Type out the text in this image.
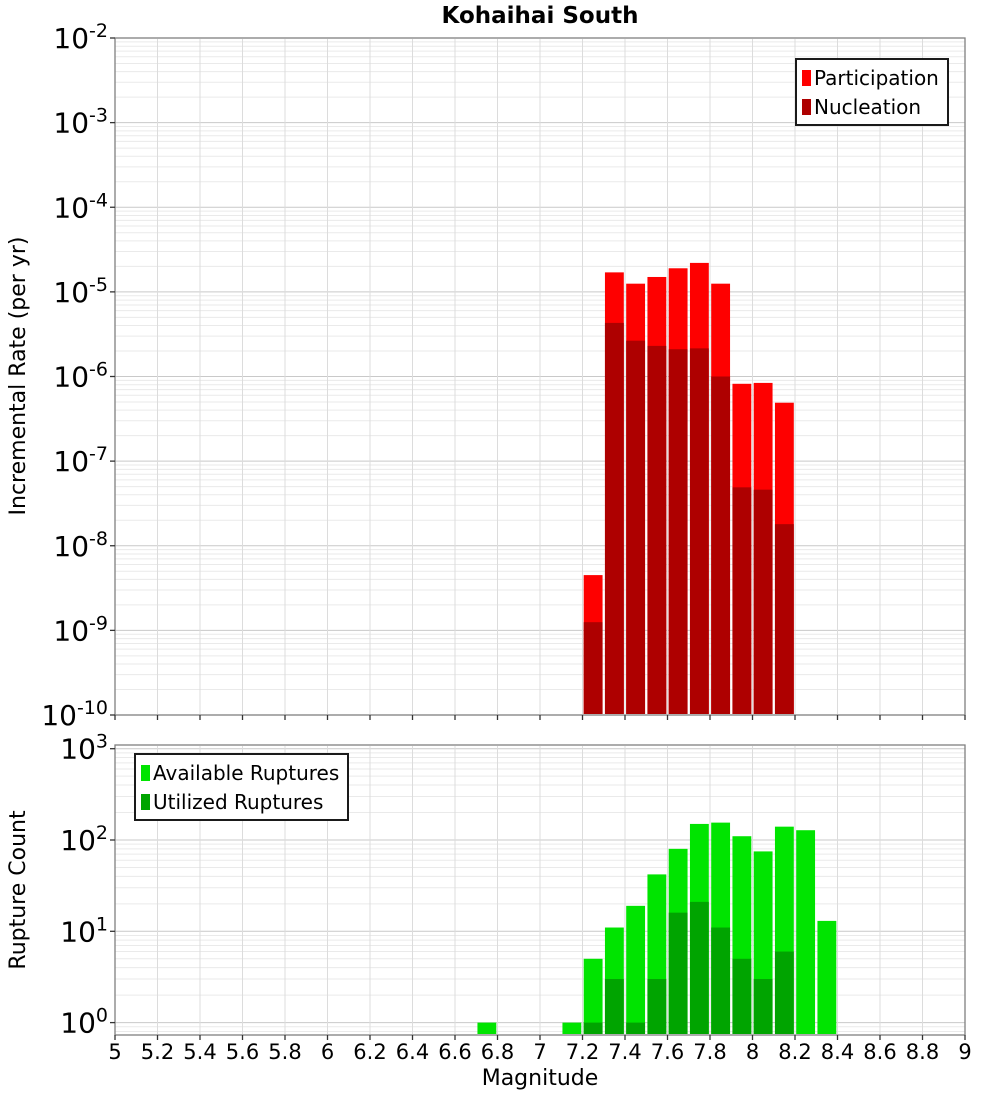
$10^{-2}$
$10^{-3}$
$10^{-4}$
$10^{-5}$
$10^{-6}$
$10^{-7}$
$10^{-8}$
$10^{-9}$
$10^{-10}$
$10^3$
$10^2$
$10^1$
$10^0$
5 5.2 5.4 5.6 5.8 6 6.2 6.4 6.6 6.8 7 7.2 7.4 7.6 7.8 8 8.2 8.4 8.6 8.8 9
Kohaihai South
Incremental Rate (per yr)
Rupture Count
Magnitude
Participation
Nucleation
Available Ruptures
Utilized Ruptures
